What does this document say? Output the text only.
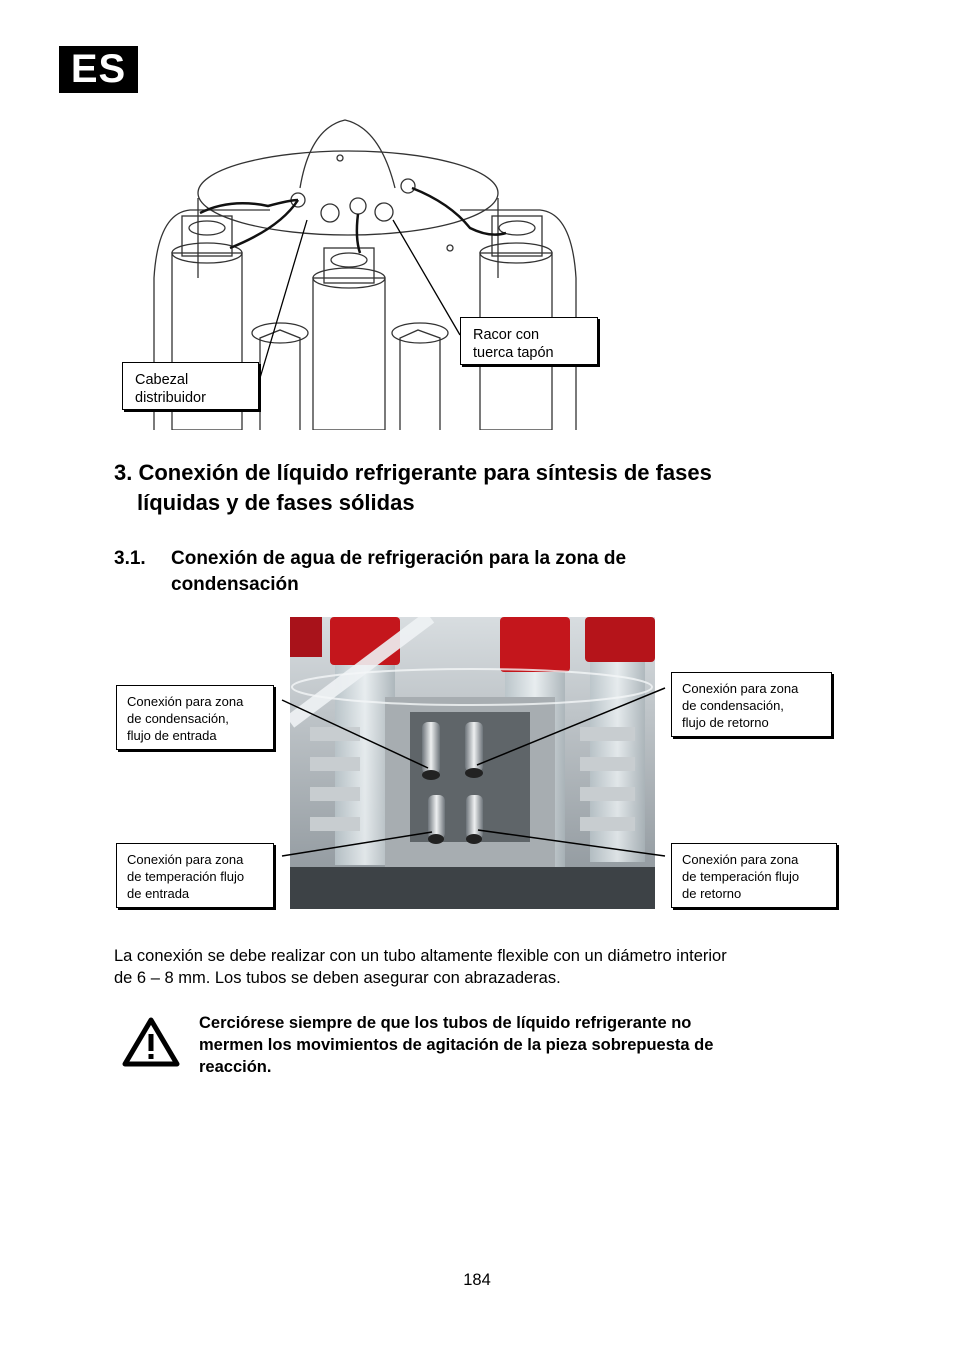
ES
Cabezal
distribuidor
Racor con
tuerca tapón
3. Conexión de líquido refrigerante para síntesis de fases
líquidas y de fases sólidas
3.1.	Conexión de agua de refrigeración para la zona de
condensación
Conexión para zona
de condensación,
flujo de entrada
Conexión para zona
de condensación,
flujo de retorno
Conexión para zona
de temperación flujo
de entrada
Conexión para zona
de temperación flujo
de retorno
La conexión se debe realizar con un tubo altamente flexible con un diámetro interior
de 6 – 8 mm. Los tubos se deben asegurar con abrazaderas.
Cerciórese siempre de que los tubos de líquido refrigerante no
mermen los movimientos de agitación de la pieza sobrepuesta de
reacción.
184
